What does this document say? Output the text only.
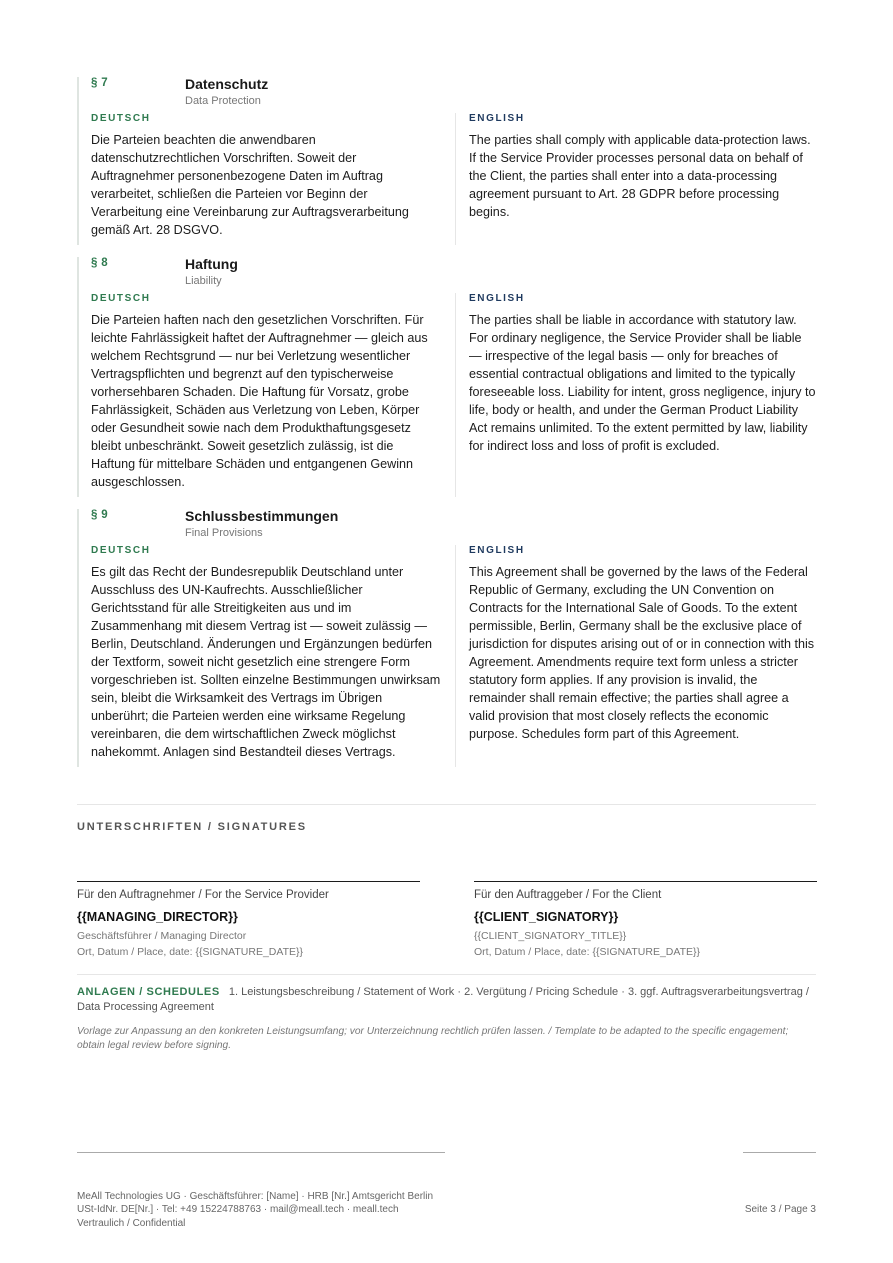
§ 7	Datenschutz
Data Protection
DEUTSCH

Die Parteien beachten die anwendbaren datenschutzrechtlichen Vorschriften. Soweit der Auftragnehmer personenbezogene Daten im Auftrag verarbeitet, schließen die Parteien vor Beginn der Verarbeitung eine Vereinbarung zur Auftragsverarbeitung gemäß Art. 28 DSGVO.

ENGLISH

The parties shall comply with applicable data-protection laws. If the Service Provider processes personal data on behalf of the Client, the parties shall enter into a data-processing agreement pursuant to Art. 28 GDPR before processing begins.

§ 8	Haftung
Liability
DEUTSCH

Die Parteien haften nach den gesetzlichen Vorschriften. Für leichte Fahrlässigkeit haftet der Auftragnehmer — gleich aus welchem Rechtsgrund — nur bei Verletzung wesentlicher Vertragspflichten und begrenzt auf den typischerweise vorhersehbaren Schaden. Die Haftung für Vorsatz, grobe Fahrlässigkeit, Schäden aus Verletzung von Leben, Körper oder Gesundheit sowie nach dem Produkthaftungsgesetz bleibt unbeschränkt. Soweit gesetzlich zulässig, ist die Haftung für mittelbare Schäden und entgangenen Gewinn ausgeschlossen.

ENGLISH

The parties shall be liable in accordance with statutory law. For ordinary negligence, the Service Provider shall be liable — irrespective of the legal basis — only for breaches of essential contractual obligations and limited to the typically foreseeable loss. Liability for intent, gross negligence, injury to life, body or health, and under the German Product Liability Act remains unlimited. To the extent permitted by law, liability for indirect loss and loss of profit is excluded.

§ 9	Schlussbestimmungen
Final Provisions
DEUTSCH

Es gilt das Recht der Bundesrepublik Deutschland unter Ausschluss des UN-Kaufrechts. Ausschließlicher Gerichtsstand für alle Streitigkeiten aus und im Zusammenhang mit diesem Vertrag ist — soweit zulässig — Berlin, Deutschland. Änderungen und Ergänzungen bedürfen der Textform, soweit nicht gesetzlich eine strengere Form vorgeschrieben ist. Sollten einzelne Bestimmungen unwirksam sein, bleibt die Wirksamkeit des Vertrags im Übrigen unberührt; die Parteien werden eine wirksame Regelung vereinbaren, die dem wirtschaftlichen Zweck möglichst nahekommt. Anlagen sind Bestandteil dieses Vertrags.

ENGLISH

This Agreement shall be governed by the laws of the Federal Republic of Germany, excluding the UN Convention on Contracts for the International Sale of Goods. To the extent permissible, Berlin, Germany shall be the exclusive place of jurisdiction for disputes arising out of or in connection with this Agreement. Amendments require text form unless a stricter statutory form applies. If any provision is invalid, the remainder shall remain effective; the parties shall agree a valid provision that most closely reflects the economic purpose. Schedules form part of this Agreement.

UNTERSCHRIFTEN / SIGNATURES
Für den Auftragnehmer / For the Service Provider
{{MANAGING_DIRECTOR}}
Geschäftsführer / Managing Director
Ort, Datum / Place, date: {{SIGNATURE_DATE}}
Für den Auftraggeber / For the Client
{{CLIENT_SIGNATORY}}
{{CLIENT_SIGNATORY_TITLE}}
Ort, Datum / Place, date: {{SIGNATURE_DATE}}
ANLAGEN / SCHEDULES 1. Leistungsbeschreibung / Statement of Work · 2. Vergütung / Pricing Schedule · 3. ggf. Auftragsverarbeitungsvertrag / Data Processing Agreement
Vorlage zur Anpassung an den konkreten Leistungsumfang; vor Unterzeichnung rechtlich prüfen lassen. / Template to be adapted to the specific engagement; obtain legal review before signing.
MeAll Technologies UG · Geschäftsführer: [Name] · HRB [Nr.] Amtsgericht Berlin
USt-IdNr. DE[Nr.] · Tel: +49 15224788763 · mail@meall.tech · meall.tech
Vertraulich / Confidential
Seite 3 / Page 3
